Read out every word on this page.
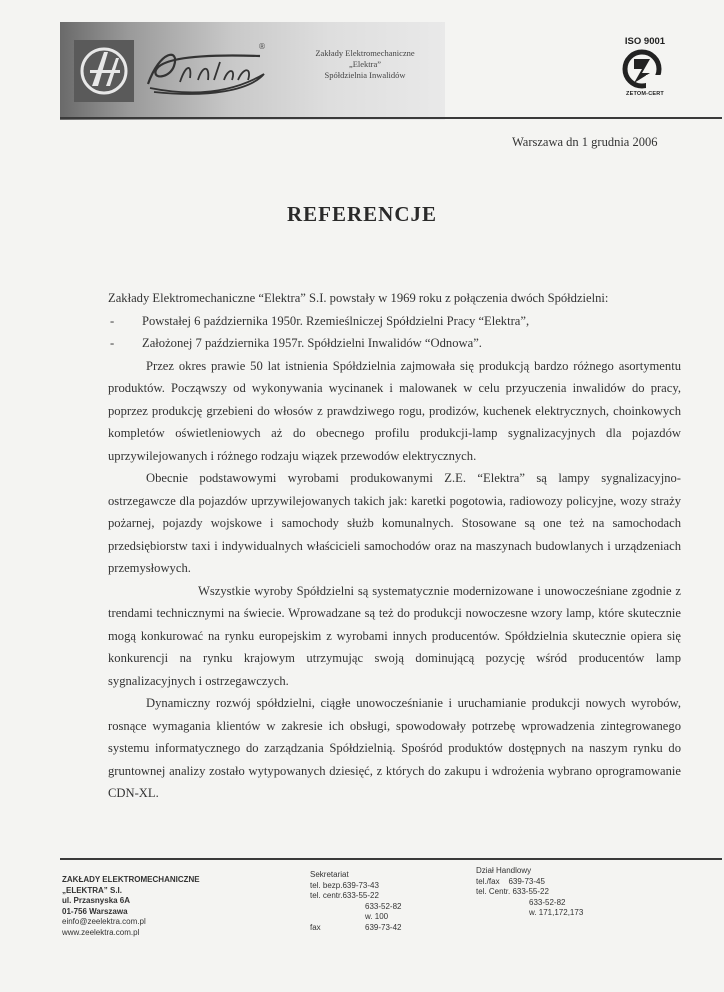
®
Zakłady Elektromechaniczne
„Elektra”
Spółdzielnia Inwalidów
ISO 9001
ZETOM-CERT
Warszawa dn 1 grudnia 2006
REFERENCJE

Zakłady Elektromechaniczne “Elektra” S.I. powstały w 1969 roku z połączenia dwóch Spółdzielni:

-	Powstałej 6 października 1950r. Rzemieślniczej Spółdzielni Pracy “Elektra”,
-	Założonej 7 października 1957r. Spółdzielni Inwalidów “Odnowa”.

Przez okres prawie 50 lat istnienia Spółdzielnia zajmowała się produkcją bardzo różnego asortymentu produktów. Począwszy od wykonywania wycinanek i malowanek w celu przyuczenia inwalidów do pracy, poprzez produkcję grzebieni do włosów z prawdziwego rogu, prodizów, kuchenek elektrycznych, choinkowych kompletów oświetleniowych aż do obecnego profilu produkcji-lamp sygnalizacyjnych dla pojazdów uprzywilejowanych i różnego rodzaju wiązek przewodów elektrycznych.

Obecnie podstawowymi wyrobami produkowanymi Z.E. “Elektra” są lampy sygnalizacyjno-ostrzegawcze dla pojazdów uprzywilejowanych takich jak: karetki pogotowia, radiowozy policyjne, wozy straży pożarnej, pojazdy wojskowe i samochody służb komunalnych. Stosowane są one też na samochodach przedsiębiorstw taxi i indywidualnych właścicieli samochodów oraz na maszynach budowlanych i urządzeniach przemysłowych.

Wszystkie wyroby Spółdzielni są systematycznie modernizowane i unowocześniane zgodnie z trendami technicznymi na świecie. Wprowadzane są też do produkcji nowoczesne wzory lamp, które skutecznie mogą konkurować na rynku europejskim z wyrobami innych producentów. Spółdzielnia skutecznie opiera się konkurencji na rynku krajowym utrzymując swoją dominującą pozycję wśród producentów lamp sygnalizacyjnych i ostrzegawczych.

Dynamiczny rozwój spółdzielni, ciągłe unowocześnianie i uruchamianie produkcji nowych wyrobów, rosnące wymagania klientów w zakresie ich obsługi, spowodowały potrzebę wprowadzenia zintegrowanego systemu informatycznego do zarządzania Spółdzielnią. Spośród produktów dostępnych na naszym rynku do gruntownej analizy zostało wytypowanych dziesięć, z których do zakupu i wdrożenia wybrano oprogramowanie CDN-XL.

ZAKŁADY ELEKTROMECHANICZNE
„ELEKTRA” S.I.
ul. Przasnyska 6A
01-756 Warszawa
einfo@zeelektra.com.pl
www.zeelektra.com.pl
Sekretariat
tel. bezp.639-73-43
tel. centr.633-55-22
633-52-82
w. 100
fax	639-73-42
Dział Handlowy
tel./fax    639-73-45
tel. Centr. 633-55-22
633-52-82
w. 171,172,173
